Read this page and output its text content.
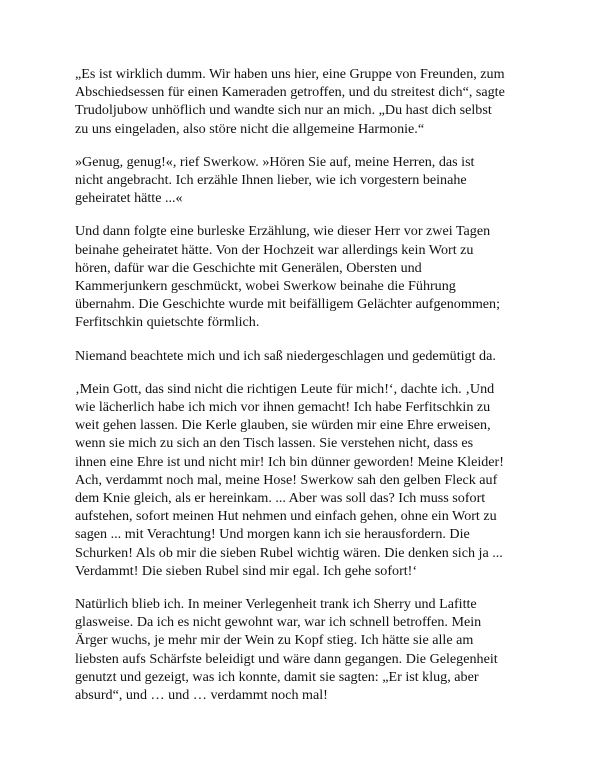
„Es ist wirklich dumm. Wir haben uns hier, eine Gruppe von Freunden, zum
Abschiedsessen für einen Kameraden getroffen, und du streitest dich“, sagte
Trudoljubow unhöflich und wandte sich nur an mich. „Du hast dich selbst
zu uns eingeladen, also störe nicht die allgemeine Harmonie.“

»Genug, genug!«, rief Swerkow. »Hören Sie auf, meine Herren, das ist
nicht angebracht. Ich erzähle Ihnen lieber, wie ich vorgestern beinahe
geheiratet hätte ...«

Und dann folgte eine burleske Erzählung, wie dieser Herr vor zwei Tagen
beinahe geheiratet hätte. Von der Hochzeit war allerdings kein Wort zu
hören, dafür war die Geschichte mit Generälen, Obersten und
Kammerjunkern geschmückt, wobei Swerkow beinahe die Führung
übernahm. Die Geschichte wurde mit beifälligem Gelächter aufgenommen;
Ferfitschkin quietschte förmlich.

Niemand beachtete mich und ich saß niedergeschlagen und gedemütigt da.

‚Mein Gott, das sind nicht die richtigen Leute für mich!‘, dachte ich. ‚Und
wie lächerlich habe ich mich vor ihnen gemacht! Ich habe Ferfitschkin zu
weit gehen lassen. Die Kerle glauben, sie würden mir eine Ehre erweisen,
wenn sie mich zu sich an den Tisch lassen. Sie verstehen nicht, dass es
ihnen eine Ehre ist und nicht mir! Ich bin dünner geworden! Meine Kleider!
Ach, verdammt noch mal, meine Hose! Swerkow sah den gelben Fleck auf
dem Knie gleich, als er hereinkam. ... Aber was soll das? Ich muss sofort
aufstehen, sofort meinen Hut nehmen und einfach gehen, ohne ein Wort zu
sagen ... mit Verachtung! Und morgen kann ich sie herausfordern. Die
Schurken! Als ob mir die sieben Rubel wichtig wären. Die denken sich ja ...
Verdammt! Die sieben Rubel sind mir egal. Ich gehe sofort!‘

Natürlich blieb ich. In meiner Verlegenheit trank ich Sherry und Lafitte
glasweise. Da ich es nicht gewohnt war, war ich schnell betroffen. Mein
Ärger wuchs, je mehr mir der Wein zu Kopf stieg. Ich hätte sie alle am
liebsten aufs Schärfste beleidigt und wäre dann gegangen. Die Gelegenheit
genutzt und gezeigt, was ich konnte, damit sie sagten: „Er ist klug, aber
absurd“, und … und … verdammt noch mal!
